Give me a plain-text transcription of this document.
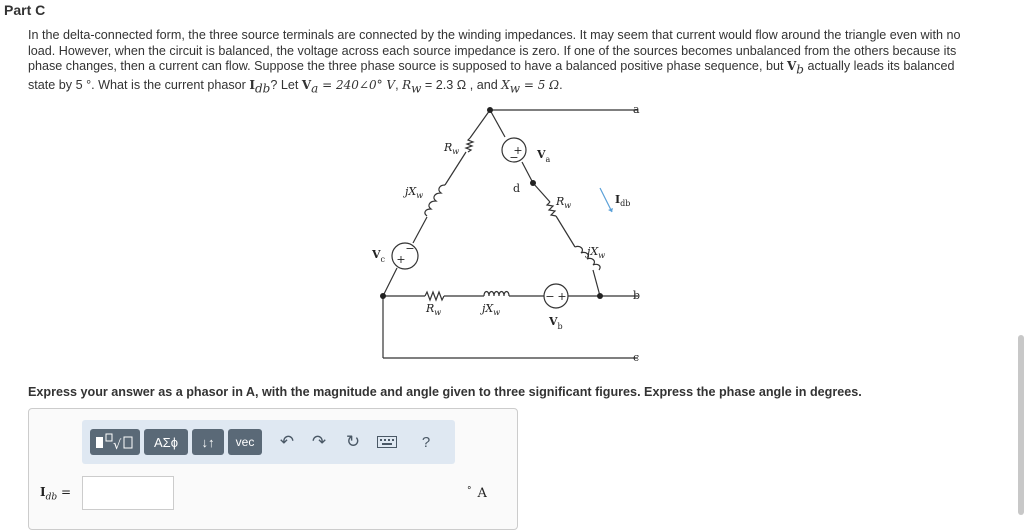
Part C
In the delta-connected form, the three source terminals are connected by the winding impedances. It may seem that current would flow around the triangle even with no load. However, when the circuit is balanced, the voltage across each source impedance is zero. If one of the sources becomes unbalanced from the others because its phase changes, then a current can flow. Suppose the three phase source is supposed to have a balanced positive phase sequence, but $V_b$ actually leads its balanced state by 5 °. What is the current phasor $I_{db}$? Let $V_a$ = 240∠0° V, $R_w = 2.3$ Ω , and $X_w = 5$ Ω.
+
−
+
−
− +
a
b
c
d
$R_w$
$jX_w$
$V_a$
$R_w$	$I_{db}$
$jX_w$
$V_c$
$R_w$	$jX_w$
$V_b$
Express your answer as a phasor in A, with the magnitude and angle given to three significant figures. Express the phase angle in degrees.
√	ΑΣϕ	↓↑	vec	↶ ↷ ↻	?
$I_{db}$ =	° A
